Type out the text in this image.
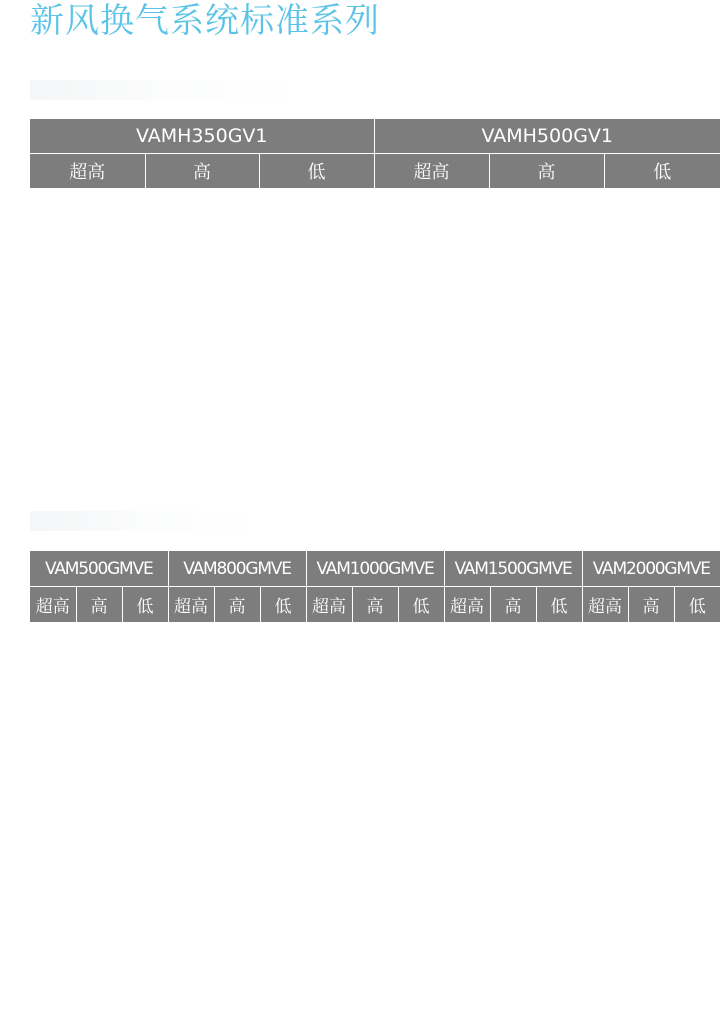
新风换气系统标准系列
VAMH350GV1			VAMH500GV1		
超高	高	低	超高	高	低
VAM500GMVE			VAM800GMVE			VAM1000GMVE			VAM1500GMVE			VAM2000GMVE		
超高	高	低	超高	高	低	超高	高	低	超高	高	低	超高	高	低
